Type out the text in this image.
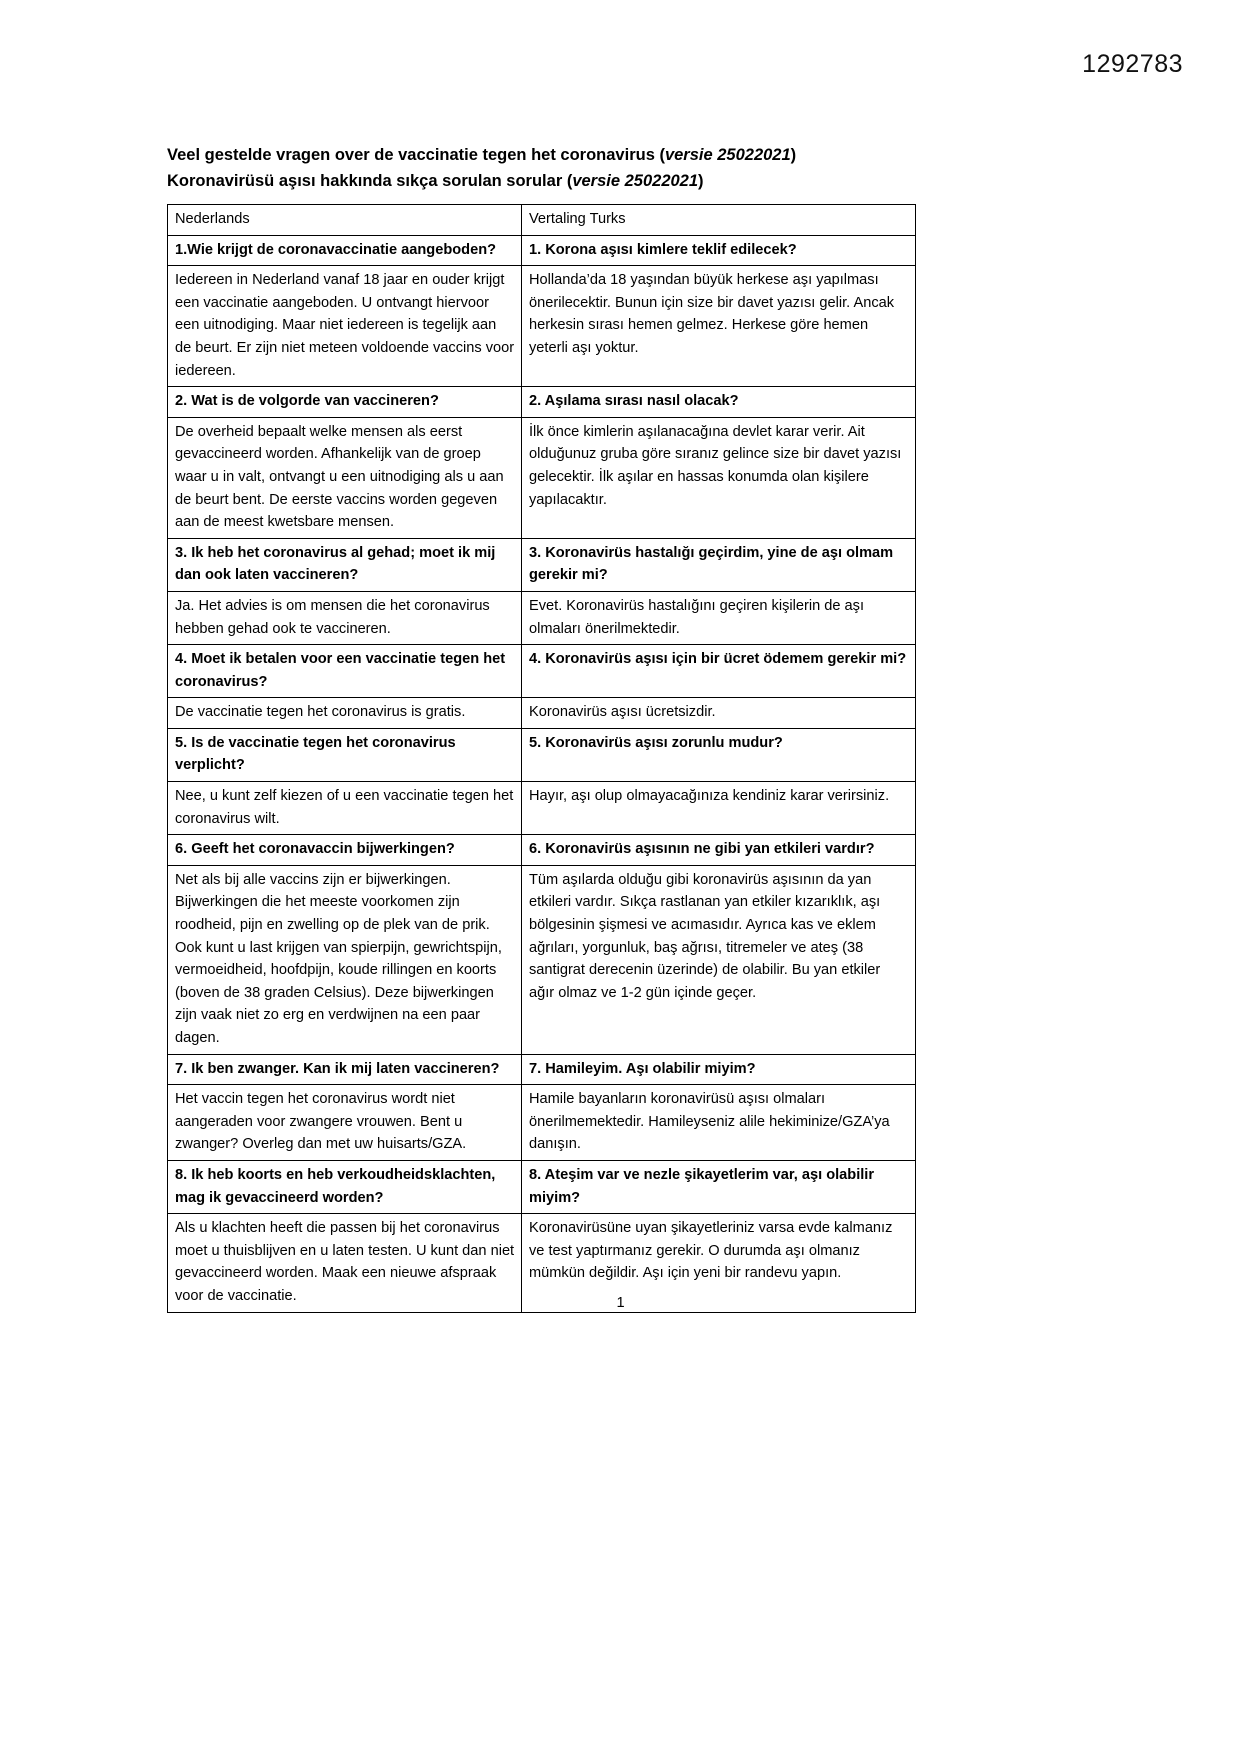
1292783
Veel gestelde vragen over de vaccinatie tegen het coronavirus (versie 25022021)
Koronavirüsü aşısı hakkında sıkça sorulan sorular (versie 25022021)
Nederlands	Vertaling Turks
1.Wie krijgt de coronavaccinatie aangeboden?	1. Korona aşısı kimlere teklif edilecek?
Iedereen in Nederland vanaf 18 jaar en ouder krijgt een vaccinatie aangeboden. U ontvangt hiervoor een uitnodiging. Maar niet iedereen is tegelijk aan de beurt. Er zijn niet meteen voldoende vaccins voor iedereen.	Hollanda’da 18 yaşından büyük herkese aşı yapılması önerilecektir. Bunun için size bir davet yazısı gelir. Ancak herkesin sırası hemen gelmez. Herkese göre hemen yeterli aşı yoktur.
2. Wat is de volgorde van vaccineren?	2. Aşılama sırası nasıl olacak?
De overheid bepaalt welke mensen als eerst gevaccineerd worden. Afhankelijk van de groep waar u in valt, ontvangt u een uitnodiging als u aan de beurt bent. De eerste vaccins worden gegeven aan de meest kwetsbare mensen.	İlk önce kimlerin aşılanacağına devlet karar verir. Ait olduğunuz gruba göre sıranız gelince size bir davet yazısı gelecektir. İlk aşılar en hassas konumda olan kişilere yapılacaktır.
3. Ik heb het coronavirus al gehad; moet ik mij dan ook laten vaccineren?	3. Koronavirüs hastalığı geçirdim, yine de aşı olmam gerekir mi?
Ja. Het advies is om mensen die het coronavirus hebben gehad ook te vaccineren.	Evet. Koronavirüs hastalığını geçiren kişilerin de aşı olmaları önerilmektedir.
4. Moet ik betalen voor een vaccinatie tegen het coronavirus?	4. Koronavirüs aşısı için bir ücret ödemem gerekir mi?
De vaccinatie tegen het coronavirus is gratis.	Koronavirüs aşısı ücretsizdir.
5. Is de vaccinatie tegen het coronavirus verplicht?	5. Koronavirüs aşısı zorunlu mudur?
Nee, u kunt zelf kiezen of u een vaccinatie tegen het coronavirus wilt.	Hayır, aşı olup olmayacağınıza kendiniz karar verirsiniz.
6. Geeft het coronavaccin bijwerkingen?	6. Koronavirüs aşısının ne gibi yan etkileri vardır?
Net als bij alle vaccins zijn er bijwerkingen. Bijwerkingen die het meeste voorkomen zijn roodheid, pijn en zwelling op de plek van de prik. Ook kunt u last krijgen van spierpijn, gewrichtspijn, vermoeidheid, hoofdpijn, koude rillingen en koorts (boven de 38 graden Celsius). Deze bijwerkingen zijn vaak niet zo erg en verdwijnen na een paar dagen.	Tüm aşılarda olduğu gibi koronavirüs aşısının da yan etkileri vardır. Sıkça rastlanan yan etkiler kızarıklık, aşı bölgesinin şişmesi ve acımasıdır. Ayrıca kas ve eklem ağrıları, yorgunluk, baş ağrısı, titremeler ve ateş (38 santigrat derecenin üzerinde) de olabilir. Bu yan etkiler ağır olmaz ve 1-2 gün içinde geçer.
7. Ik ben zwanger. Kan ik mij laten vaccineren?	7. Hamileyim. Aşı olabilir miyim?
Het vaccin tegen het coronavirus wordt niet aangeraden voor zwangere vrouwen. Bent u zwanger? Overleg dan met uw huisarts/GZA.	Hamile bayanların koronavirüsü aşısı olmaları önerilmemektedir. Hamileyseniz alile hekiminize/GZA’ya danışın.
8. Ik heb koorts en heb verkoudheidsklachten, mag ik gevaccineerd worden?	8. Ateşim var ve nezle şikayetlerim var, aşı olabilir miyim?
Als u klachten heeft die passen bij het coronavirus moet u thuisblijven en u laten testen. U kunt dan niet gevaccineerd worden. Maak een nieuwe afspraak voor de vaccinatie.	Koronavirüsüne uyan şikayetleriniz varsa evde kalmanız ve test yaptırmanız gerekir. O durumda aşı olmanız mümkün değildir. Aşı için yeni bir randevu yapın.
1
